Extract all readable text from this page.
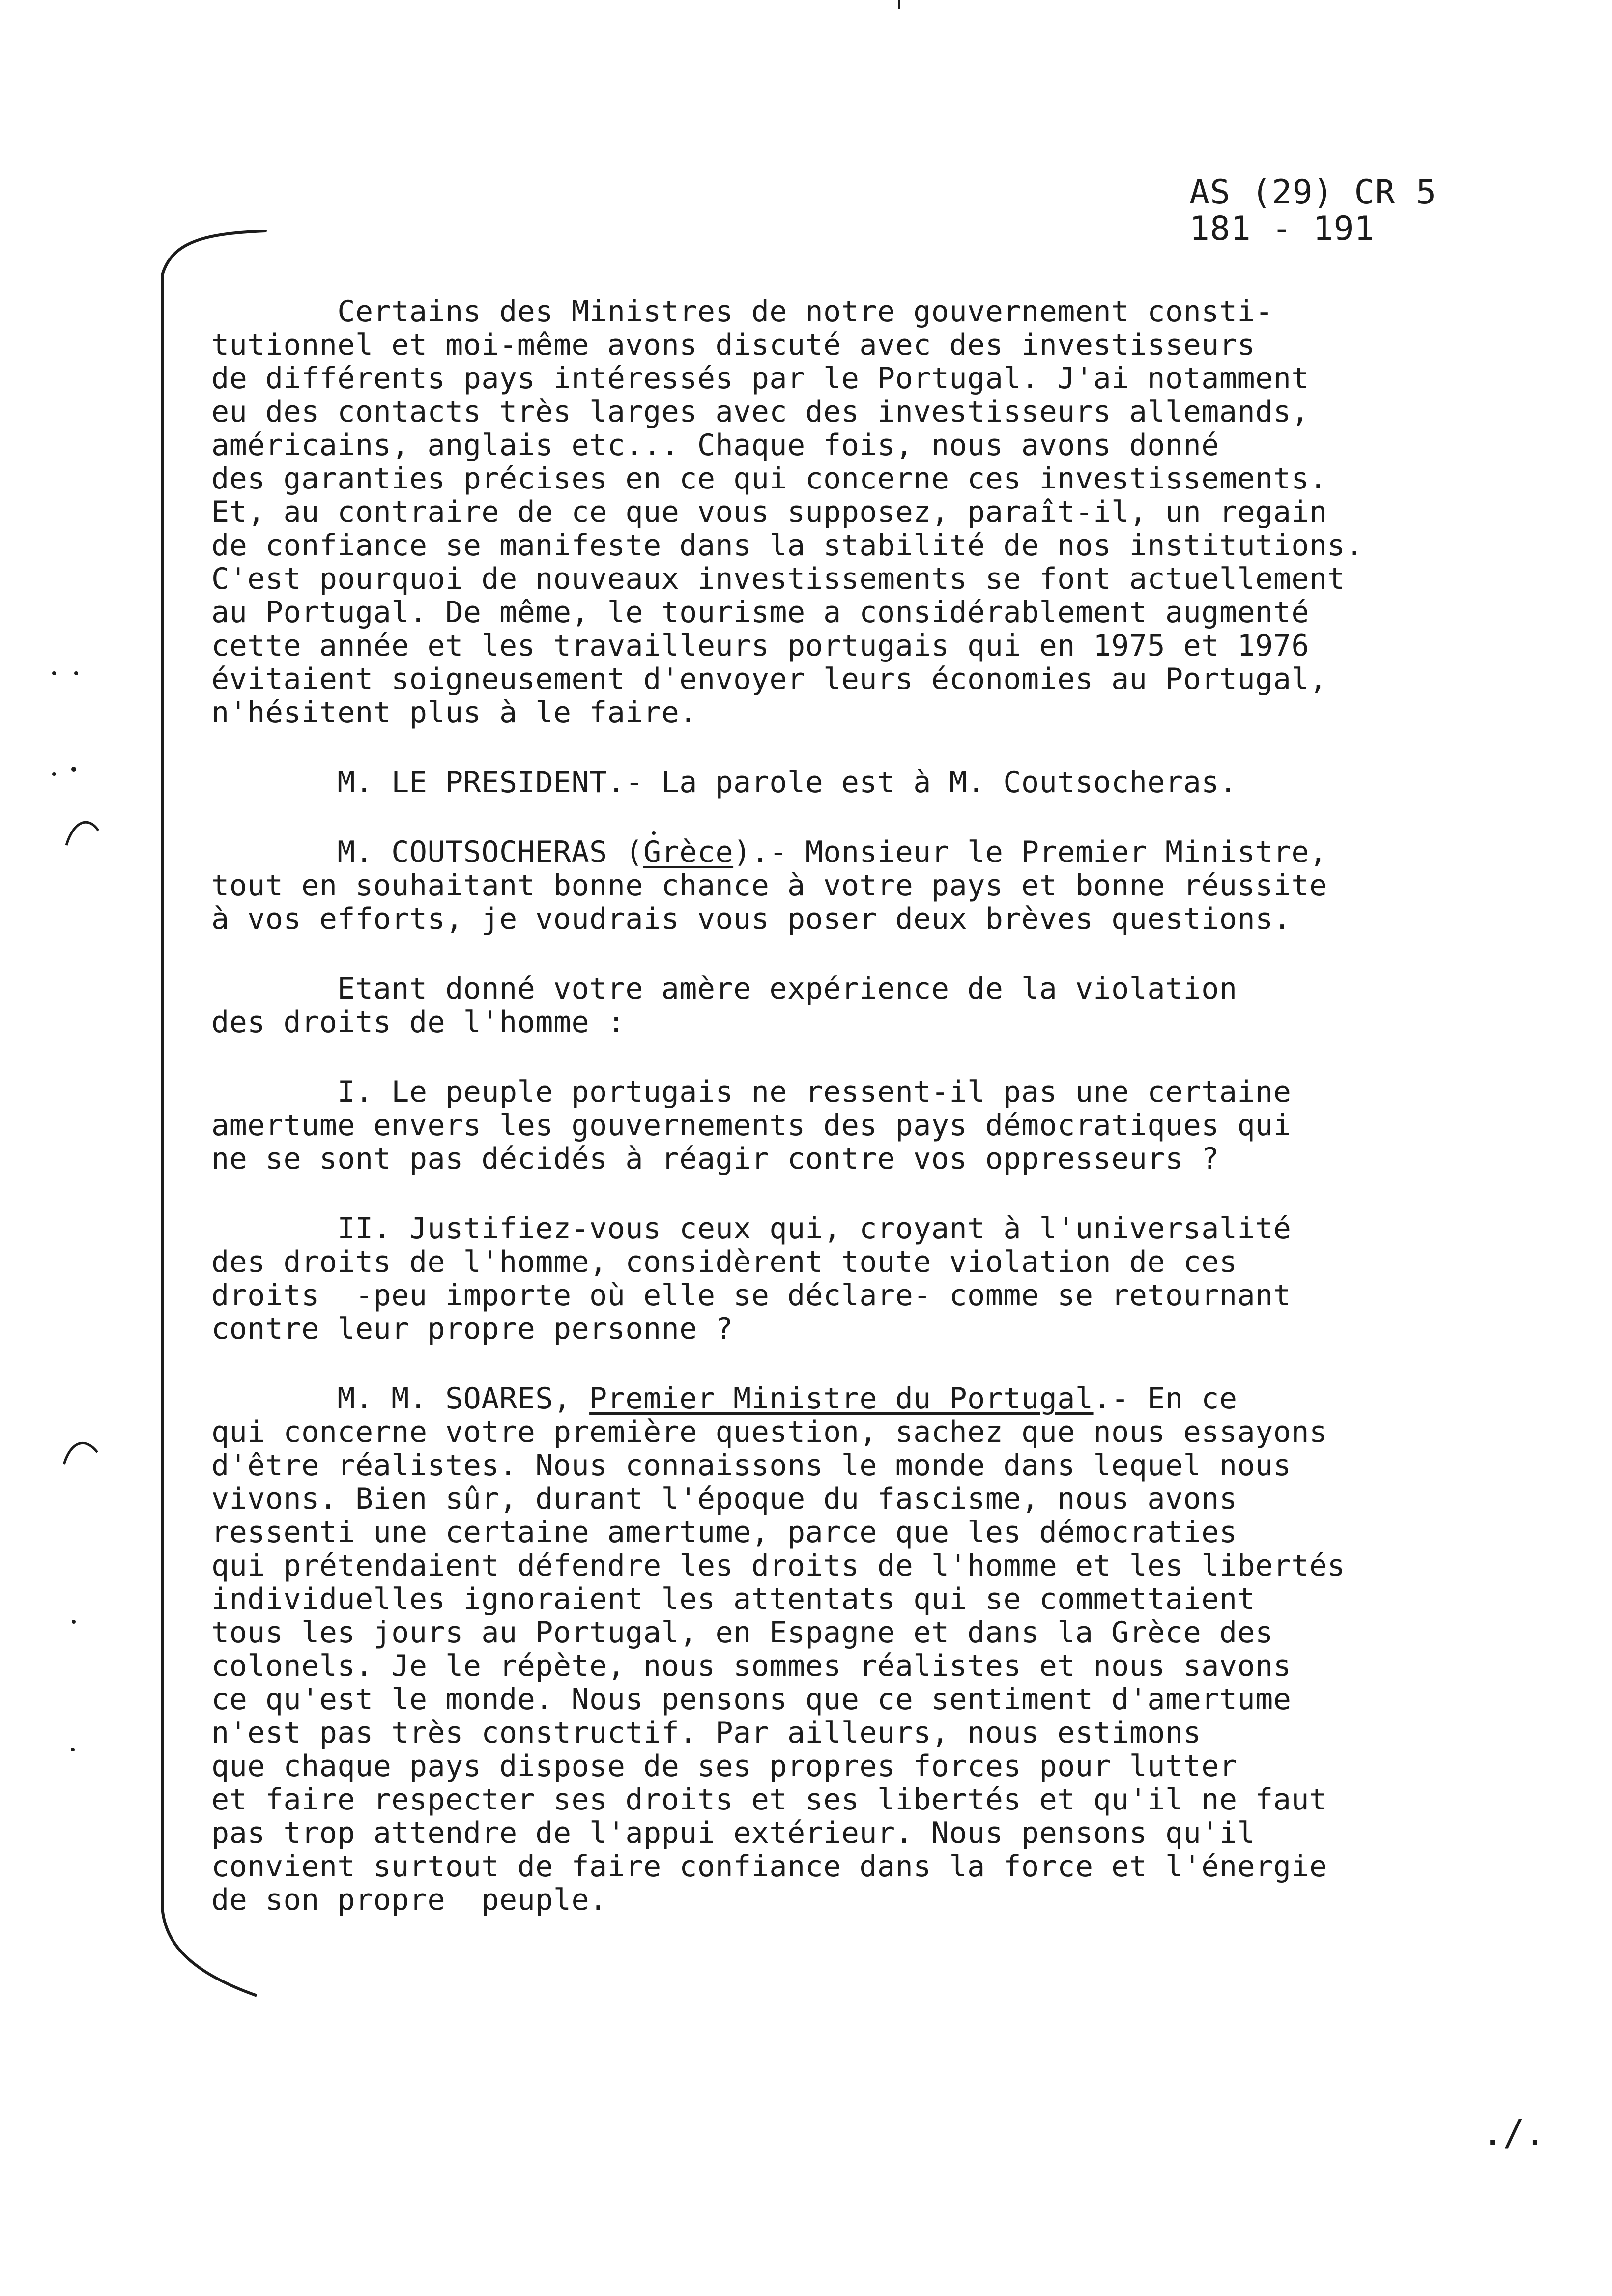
AS (29) CR 5
181 - 191
Certains des Ministres de notre gouvernement consti-
tutionnel et moi-même avons discuté avec des investisseurs
de différents pays intéressés par le Portugal. J'ai notamment
eu des contacts très larges avec des investisseurs allemands,
américains, anglais etc... Chaque fois, nous avons donné
des garanties précises en ce qui concerne ces investissements.
Et, au contraire de ce que vous supposez, paraît-il, un regain
de confiance se manifeste dans la stabilité de nos institutions.
C'est pourquoi de nouveaux investissements se font actuellement
au Portugal. De même, le tourisme a considérablement augmenté
cette année et les travailleurs portugais qui en 1975 et 1976
évitaient soigneusement d'envoyer leurs économies au Portugal,
n'hésitent plus à le faire.
M. LE PRESIDENT.- La parole est à M. Coutsocheras.
M. COUTSOCHERAS (Grèce).- Monsieur le Premier Ministre,
tout en souhaitant bonne chance à votre pays et bonne réussite
à vos efforts, je voudrais vous poser deux brèves questions.
Etant donné votre amère expérience de la violation
des droits de l'homme :
I. Le peuple portugais ne ressent-il pas une certaine
amertume envers les gouvernements des pays démocratiques qui
ne se sont pas décidés à réagir contre vos oppresseurs ?
II. Justifiez-vous ceux qui, croyant à l'universalité
des droits de l'homme, considèrent toute violation de ces
droits  -peu importe où elle se déclare- comme se retournant
contre leur propre personne ?
M. M. SOARES, Premier Ministre du Portugal.- En ce
qui concerne votre première question, sachez que nous essayons
d'être réalistes. Nous connaissons le monde dans lequel nous
vivons. Bien sûr, durant l'époque du fascisme, nous avons
ressenti une certaine amertume, parce que les démocraties
qui prétendaient défendre les droits de l'homme et les libertés
individuelles ignoraient les attentats qui se commettaient
tous les jours au Portugal, en Espagne et dans la Grèce des
colonels. Je le répète, nous sommes réalistes et nous savons
ce qu'est le monde. Nous pensons que ce sentiment d'amertume
n'est pas très constructif. Par ailleurs, nous estimons
que chaque pays dispose de ses propres forces pour lutter
et faire respecter ses droits et ses libertés et qu'il ne faut
pas trop attendre de l'appui extérieur. Nous pensons qu'il
convient surtout de faire confiance dans la force et l'énergie
de son propre  peuple.
./.
